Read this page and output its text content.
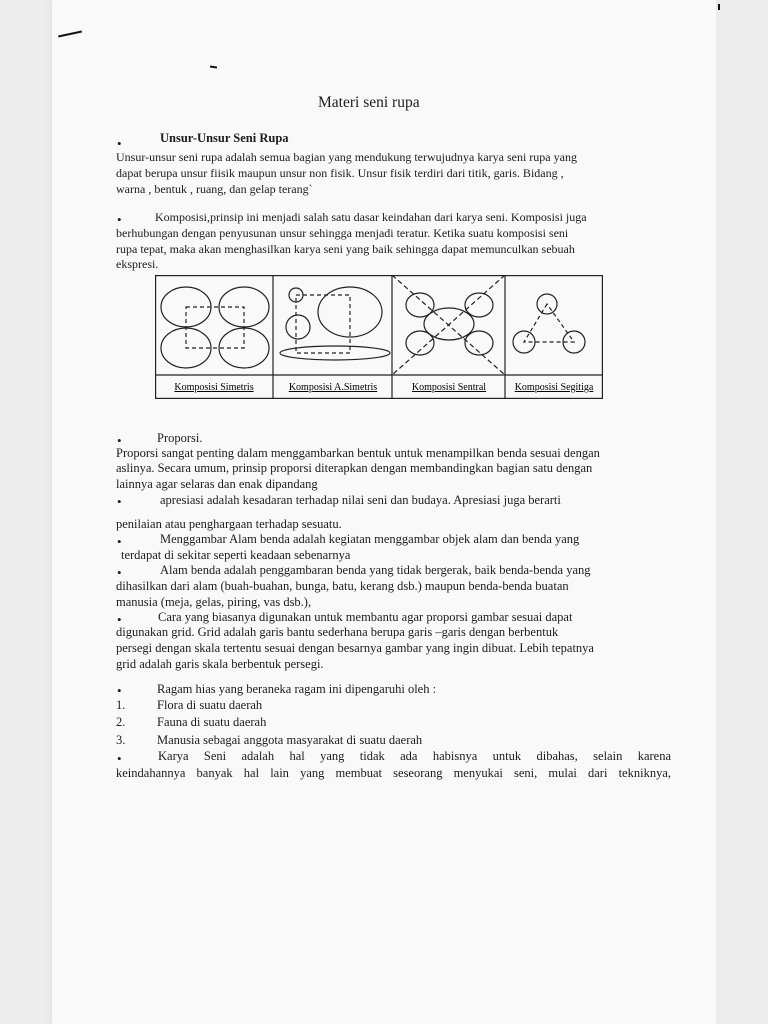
Materi seni rupa
•	Unsur-Unsur Seni Rupa
Unsur-unsur seni rupa adalah semua bagian yang mendukung terwujudnya karya seni rupa yang
dapat berupa unsur fiisik maupun unsur non fisik. Unsur fisik terdiri dari titik, garis. Bidang ,
warna , bentuk , ruang, dan gelap terang`
•	Komposisi,prinsip ini menjadi salah satu dasar keindahan dari karya seni. Komposisi juga
berhubungan dengan penyusunan unsur sehingga menjadi teratur. Ketika suatu komposisi seni
rupa tepat, maka akan menghasilkan karya seni yang baik sehingga dapat memunculkan sebuah
ekspresi.
Komposisi Simetris	Komposisi A.Simetris	Komposisi Sentral	Komposisi Segitiga
•	Proporsi.
Proporsi sangat penting dalam menggambarkan bentuk untuk menampilkan benda sesuai dengan
aslinya. Secara umum, prinsip proporsi diterapkan dengan membandingkan bagian satu dengan
lainnya agar selaras dan enak dipandang
•	apresiasi adalah kesadaran terhadap nilai seni dan budaya. Apresiasi juga berarti
penilaian atau penghargaan terhadap sesuatu.
•	Menggambar Alam benda adalah kegiatan menggambar objek alam dan benda yang
terdapat di sekitar seperti keadaan sebenarnya
•	Alam benda adalah penggambaran benda yang tidak bergerak, baik benda-benda yang
dihasilkan dari alam (buah-buahan, bunga, batu, kerang dsb.) maupun benda-benda buatan
manusia (meja, gelas, piring, vas dsb.),
•	Cara yang biasanya digunakan untuk membantu agar proporsi gambar sesuai dapat
digunakan grid. Grid adalah garis bantu sederhana berupa garis –garis dengan berbentuk
persegi dengan skala tertentu sesuai dengan besarnya gambar yang ingin dibuat. Lebih tepatnya
grid adalah garis skala berbentuk persegi.
•	Ragam hias yang beraneka ragam ini dipengaruhi oleh :
1.	Flora di suatu daerah
2.	Fauna di suatu daerah
3.	Manusia sebagai anggota masyarakat di suatu daerah
•	Karya Seni adalah hal yang tidak ada habisnya untuk dibahas, selain karena
keindahannya banyak hal lain yang membuat seseorang menyukai seni, mulai dari tekniknya,
